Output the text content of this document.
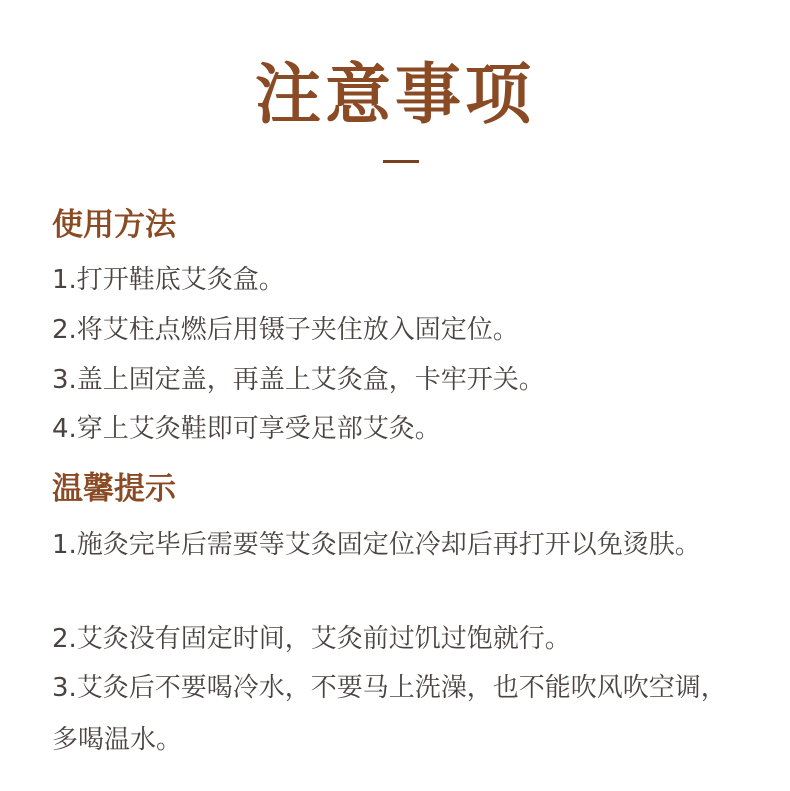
注意事项
使用方法
1.打开鞋底艾灸盒。
2.将艾柱点燃后用镊子夹住放入固定位。
3.盖上固定盖，再盖上艾灸盒，卡牢开关。
4.穿上艾灸鞋即可享受足部艾灸。
温馨提示
1.施灸完毕后需要等艾灸固定位冷却后再打开以免烫肤。
2.艾灸没有固定时间，艾灸前过饥过饱就行。
3.艾灸后不要喝冷水，不要马上洗澡，也不能吹风吹空调，多喝温水。
